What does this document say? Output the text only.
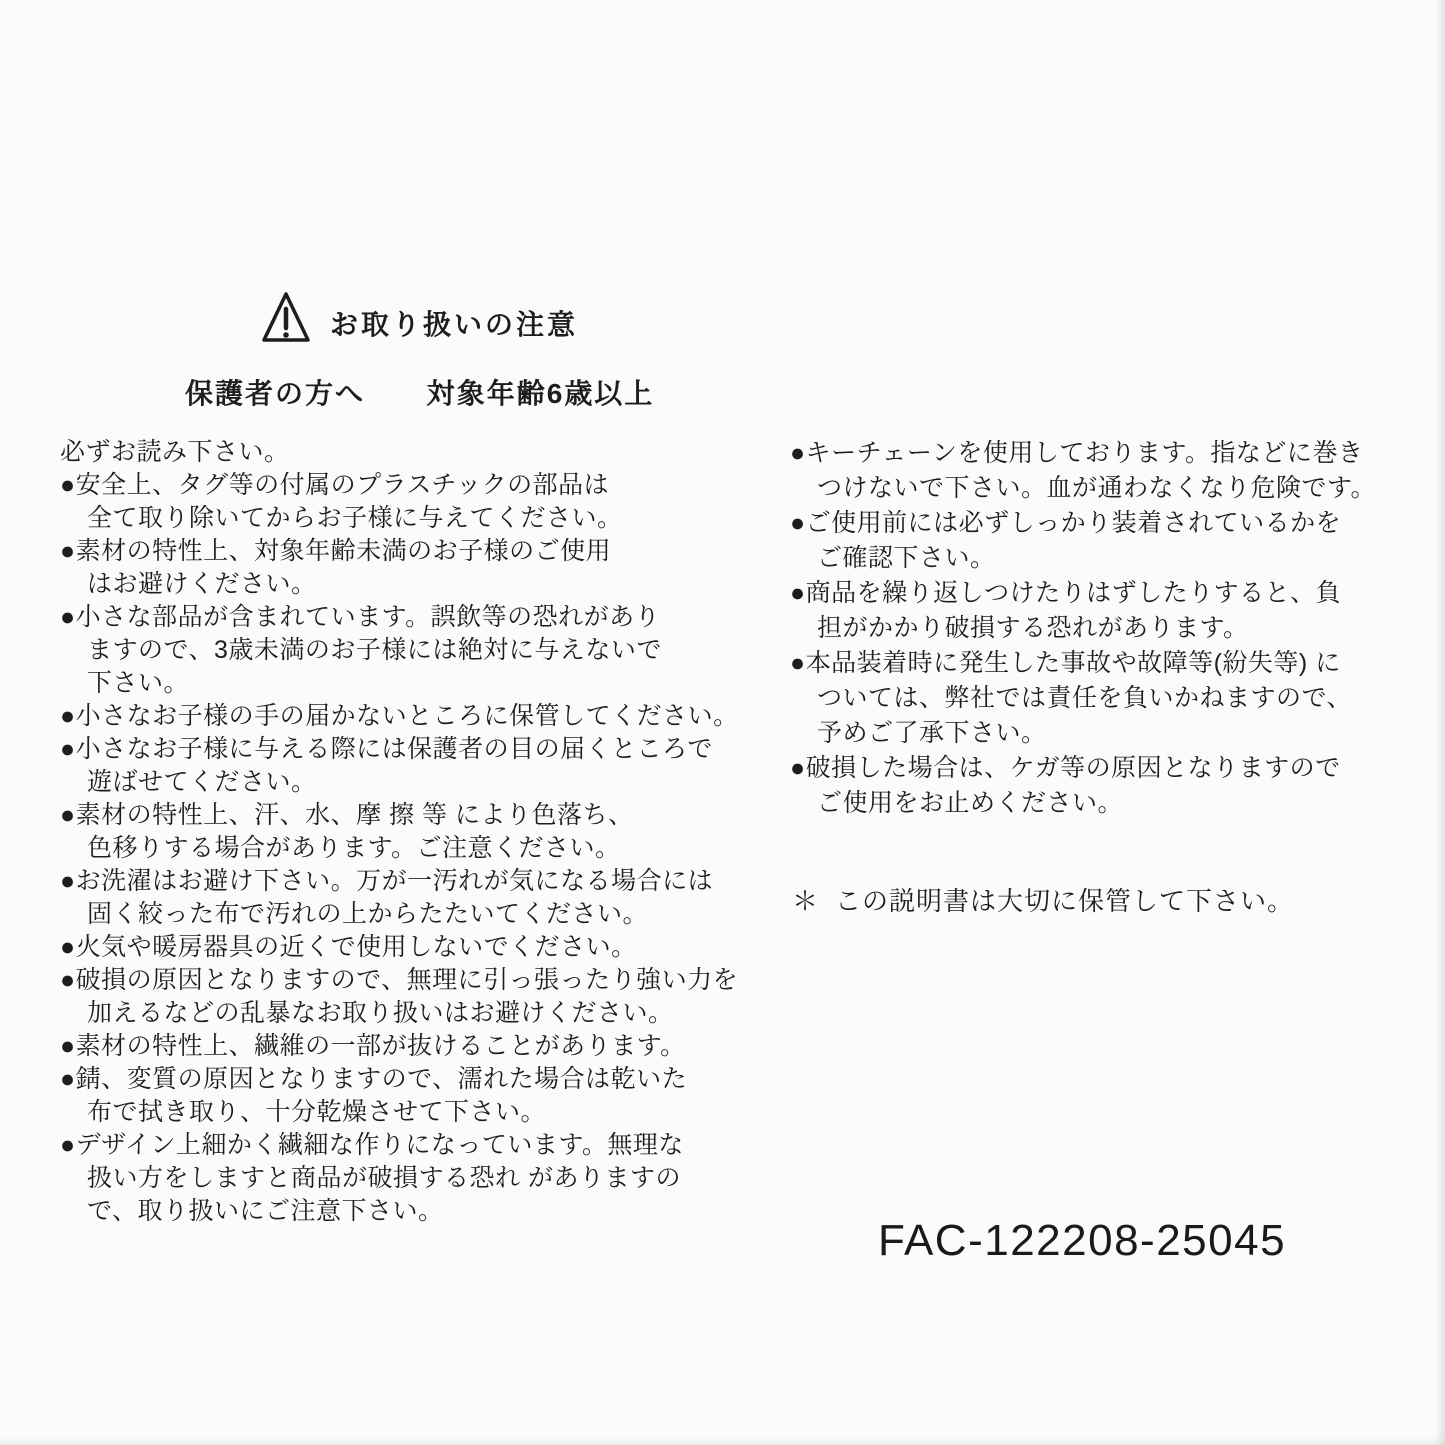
お取り扱いの注意
保護者の方へ 対象年齢6歳以上
必ずお読み下さい。
●安全上、タグ等の付属のプラスチックの部品は
全て取り除いてからお子様に与えてください。
●素材の特性上、対象年齢未満のお子様のご使用
はお避けください。
●小さな部品が含まれています。誤飲等の恐れがあり
ますので、3歳未満のお子様には絶対に与えないで
下さい。
●小さなお子様の手の届かないところに保管してください。
●小さなお子様に与える際には保護者の目の届くところで
遊ばせてください。
●素材の特性上、汗、水、摩 擦 等 により色落ち、
色移りする場合があります。ご注意ください。
●お洗濯はお避け下さい。万が一汚れが気になる場合には
固く絞った布で汚れの上からたたいてください。
●火気や暖房器具の近くで使用しないでください。
●破損の原因となりますので、無理に引っ張ったり強い力を
加えるなどの乱暴なお取り扱いはお避けください。
●素材の特性上、繊維の一部が抜けることがあります。
●錆、変質の原因となりますので、濡れた場合は乾いた
布で拭き取り、十分乾燥させて下さい。
●デザイン上細かく繊細な作りになっています。無理な
扱い方をしますと商品が破損する恐れ がありますの
で、取り扱いにご注意下さい。
●キーチェーンを使用しております。指などに巻き
つけないで下さい。血が通わなくなり危険です。
●ご使用前には必ずしっかり装着されているかを
ご確認下さい。
●商品を繰り返しつけたりはずしたりすると、負
担がかかり破損する恐れがあります。
●本品装着時に発生した事故や故障等(紛失等) に
ついては、弊社では責任を負いかねますので、
予めご了承下さい。
●破損した場合は、ケガ等の原因となりますので
ご使用をお止めください。
＊ この説明書は大切に保管して下さい。
FAC-122208-25045
